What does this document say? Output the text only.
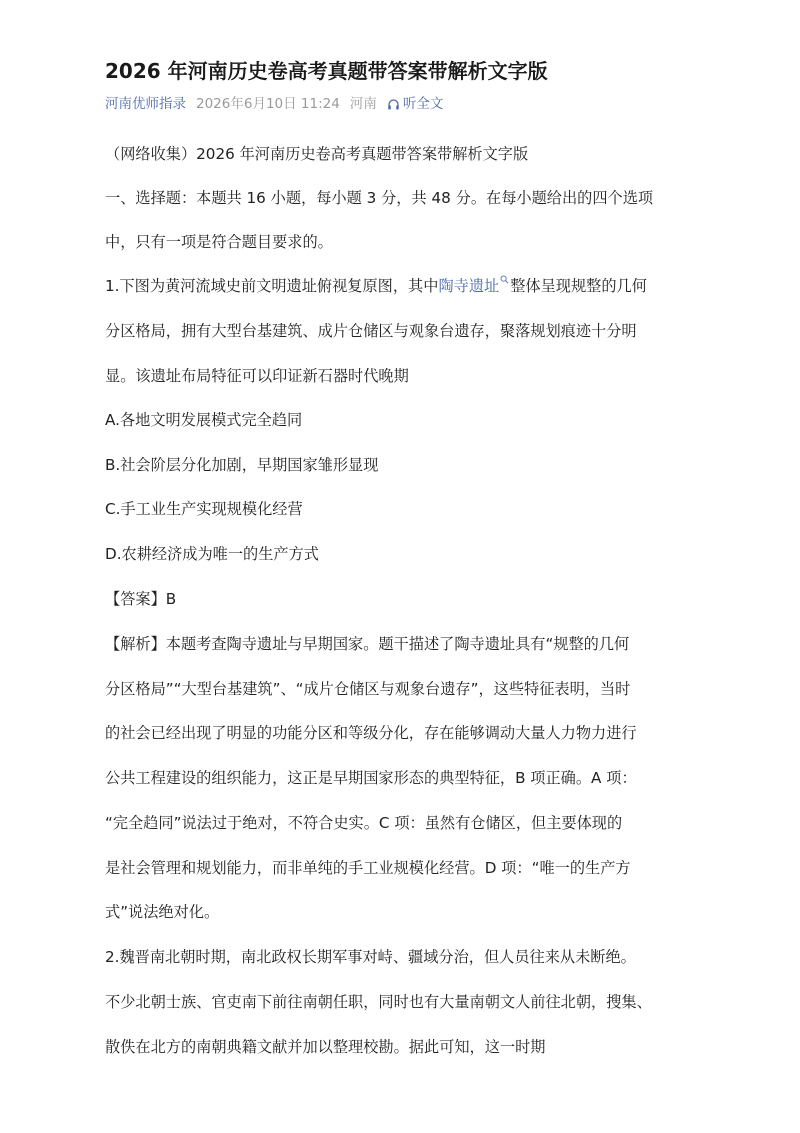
2026 年河南历史卷高考真题带答案带解析文字版
河南优师指录 2026年6月10日 11:24 河南 听全文

（网络收集）2026 年河南历史卷高考真题带答案带解析文字版

一、选择题：本题共 16 小题，每小题 3 分，共 48 分。在每小题给出的四个选项

中，只有一项是符合题目要求的。

1.下图为黄河流域史前文明遗址俯视复原图，其中陶寺遗址 整体呈现规整的几何

分区格局，拥有大型台基建筑、成片仓储区与观象台遗存，聚落规划痕迹十分明

显。该遗址布局特征可以印证新石器时代晚期

A.各地文明发展模式完全趋同

B.社会阶层分化加剧，早期国家雏形显现

C.手工业生产实现规模化经营

D.农耕经济成为唯一的生产方式

【答案】B

【解析】本题考查陶寺遗址与早期国家。题干描述了陶寺遗址具有“规整的几何

分区格局”“大型台基建筑”、“成片仓储区与观象台遗存”，这些特征表明，当时

的社会已经出现了明显的功能分区和等级分化，存在能够调动大量人力物力进行

公共工程建设的组织能力，这正是早期国家形态的典型特征，B 项正确。A 项：

“完全趋同”说法过于绝对，不符合史实。C 项：虽然有仓储区，但主要体现的

是社会管理和规划能力，而非单纯的手工业规模化经营。D 项：“唯一的生产方

式”说法绝对化。

2.魏晋南北朝时期，南北政权长期军事对峙、疆域分治，但人员往来从未断绝。

不少北朝士族、官吏南下前往南朝任职，同时也有大量南朝文人前往北朝，搜集、

散佚在北方的南朝典籍文献并加以整理校勘。据此可知，这一时期
